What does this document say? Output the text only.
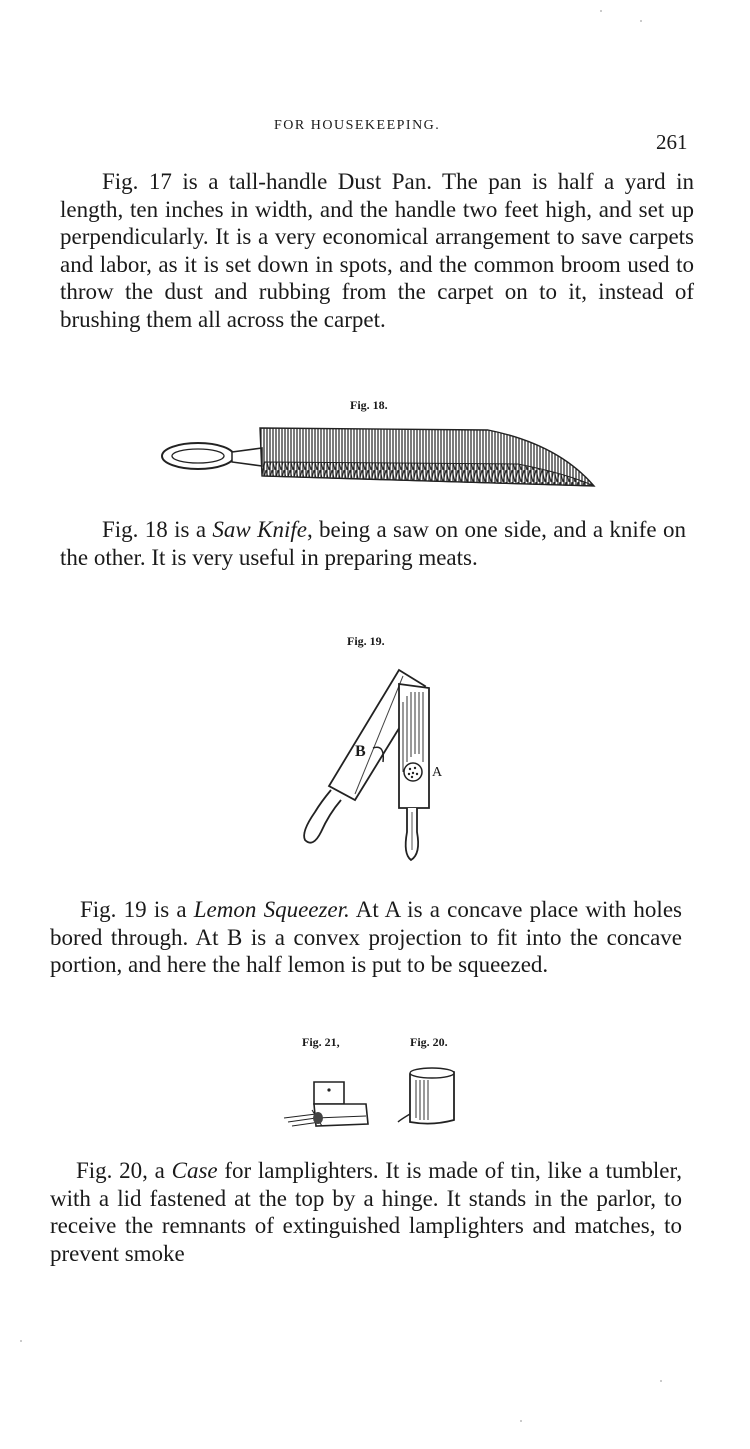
FOR HOUSEKEEPING.
261

Fig. 17 is a tall-handle Dust Pan. The pan is half a yard in length, ten inches in width, and the handle two feet high, and set up perpendicularly. It is a very economical arrangement to save carpets and labor, as it is set down in spots, and the common broom used to throw the dust and rubbing from the carpet on to it, instead of brushing them all across the carpet.

Fig. 18.

Fig. 18 is a Saw Knife, being a saw on one side, and a knife on the other. It is very useful in preparing meats.

Fig. 19.
B
A

Fig. 19 is a Lemon Squeezer. At A is a concave place with holes bored through. At B is a convex projection to fit into the concave portion, and here the half lemon is put to be squeezed.

Fig. 21,	Fig. 20.

Fig. 20, a Case for lamplighters. It is made of tin, like a tumbler, with a lid fastened at the top by a hinge. It stands in the parlor, to receive the remnants of extinguished lamplighters and matches, to prevent smoke
